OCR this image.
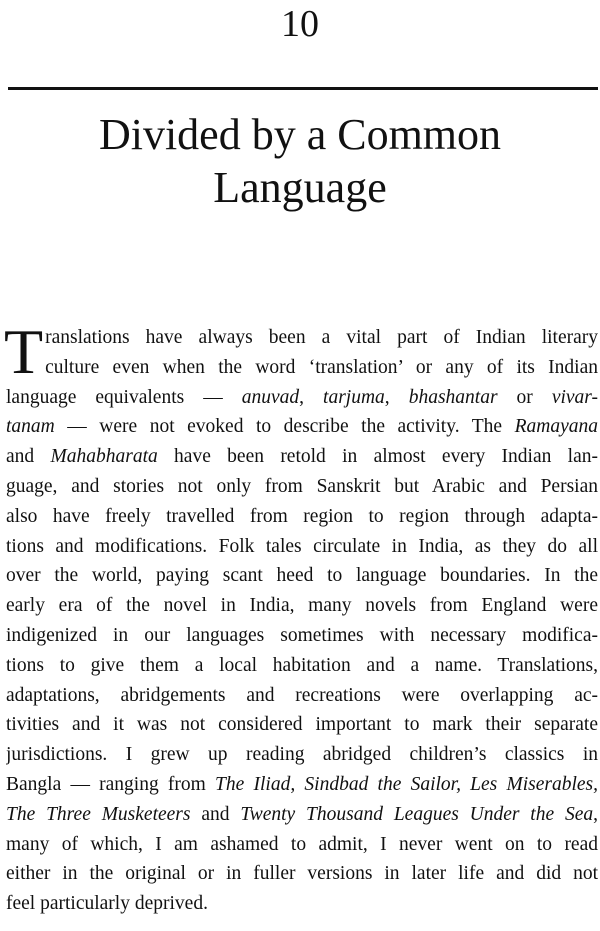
10
Divided by a Common
Language
T ranslations have always been a vital part of Indian literary
culture even when the word ‘translation’ or any of its Indian
language equivalents — anuvad, tarjuma, bhashantar or vivar-
tanam — were not evoked to describe the activity. The Ramayana
and Mahabharata have been retold in almost every Indian lan-
guage, and stories not only from Sanskrit but Arabic and Persian
also have freely travelled from region to region through adapta-
tions and modifications. Folk tales circulate in India, as they do all
over the world, paying scant heed to language boundaries. In the
early era of the novel in India, many novels from England were
indigenized in our languages sometimes with necessary modifica-
tions to give them a local habitation and a name. Translations,
adaptations, abridgements and recreations were overlapping ac-
tivities and it was not considered important to mark their separate
jurisdictions. I grew up reading abridged children’s classics in
Bangla — ranging from The Iliad, Sindbad the Sailor, Les Miserables,
The Three Musketeers and Twenty Thousand Leagues Under the Sea,
many of which, I am ashamed to admit, I never went on to read
either in the original or in fuller versions in later life and did not
feel particularly deprived.
